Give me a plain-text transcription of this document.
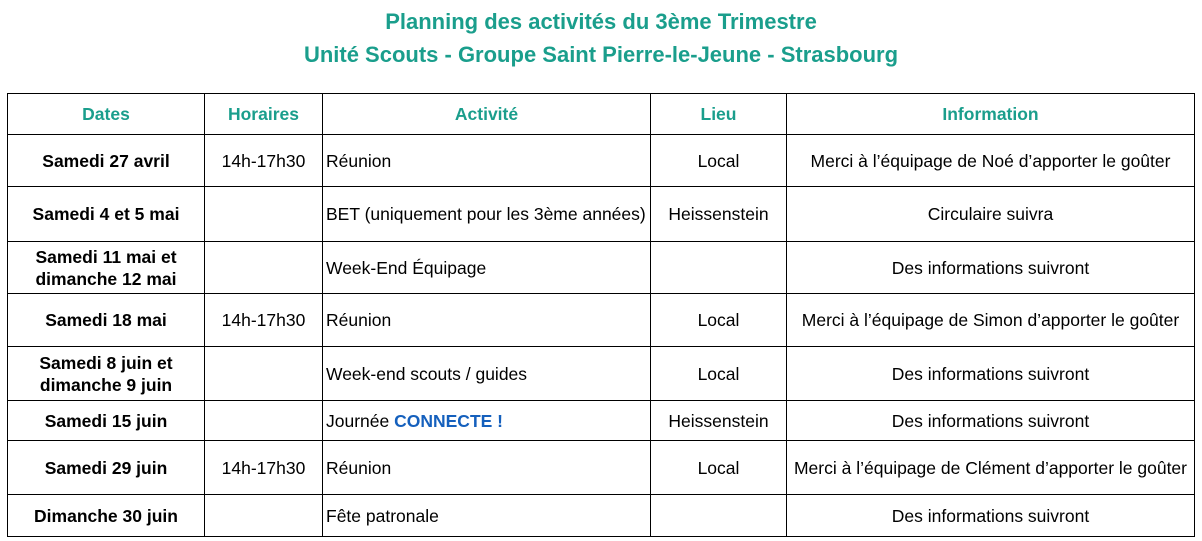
Planning des activités du 3ème Trimestre
Unité Scouts - Groupe Saint Pierre-le-Jeune - Strasbourg
Dates	Horaires	Activité	Lieu	Information
Samedi 27 avril	14h-17h30	Réunion	Local	Merci à l’équipage de Noé d’apporter le goûter
Samedi 4 et 5 mai		BET (uniquement pour les 3ème années)	Heissenstein	Circulaire suivra
Samedi 11 mai et dimanche 12 mai		Week-End Équipage		Des informations suivront
Samedi 18 mai	14h-17h30	Réunion	Local	Merci à l’équipage de Simon d’apporter le goûter
Samedi 8 juin et dimanche 9 juin		Week-end scouts / guides	Local	Des informations suivront
Samedi 15 juin		Journée CONNECTE !	Heissenstein	Des informations suivront
Samedi 29 juin	14h-17h30	Réunion	Local	Merci à l’équipage de Clément d’apporter le goûter
Dimanche 30 juin		Fête patronale		Des informations suivront
